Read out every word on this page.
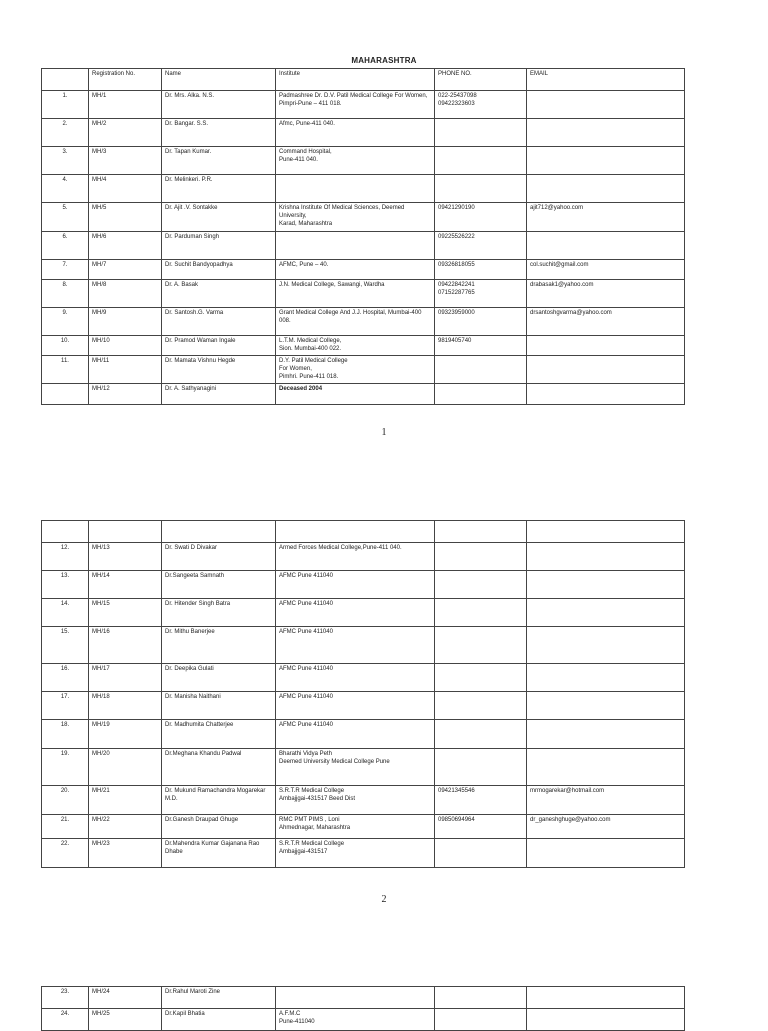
MAHARASHTRA
	Registration No.	Name	Institute	PHONE NO.	EMAIL
1.	MH/1	Dr. Mrs. Alka. N.S.	Padmashree Dr. D.V. Patil Medical College For Women, Pimpri-Pune – 411 018.	022-25437098
09422323603	
2.	MH/2	Dr. Bangar. S.S.	Afmc, Pune-411 040.		
3.	MH/3	Dr. Tapan Kumar.	Command Hospital,
Pune-411 040.		
4.	MH/4	Dr. Melinkeri. P.R.			
5.	MH/5	Dr. Ajit .V. Sontakke	Krishna Institute Of Medical Sciences, Deemed University,
Karad, Maharashtra	09421290190	ajit712@yahoo.com
6.	MH/6	Dr. Parduman Singh		09225526222	
7.	MH/7	Dr. Suchit Bandyopadhya	AFMC, Pune – 40.	09326818055	col.suchit@gmail.com
8.	MH/8	Dr. A. Basak	J.N. Medical College, Sawangi, Wardha	09422842241
07152287765	drabasak1@yahoo.com
9.	MH/9	Dr. Santosh.G. Varma	Grant Medical College And J.J. Hospital, Mumbai-400 008.	09323959000	drsantoshgvarma@yahoo.com
10.	MH/10	Dr. Pramod Waman Ingale	L.T.M. Medical College,
Sion. Mumbai-400 022.	9819405740	
11.	MH/11	Dr. Mamata Vishnu Hegde	D.Y. Patil Medical College
For Women,
Pimhri. Pune-411 018.		
	MH/12	Dr. A. Sathyanagini	Deceased 2004		
1

12.	MH/13	Dr. Swati D Divakar	Armed Forces Medical College,Pune-411 040.		
13.	MH/14	Dr.Sangeeta Samnath	AFMC Pune 411040		
14.	MH/15	Dr. Hitender Singh Batra	AFMC Pune 411040		
15.	MH/16	Dr. Mithu Banerjee	AFMC Pune 411040		
16.	MH/17	Dr. Deepika Gulati	AFMC Pune 411040		
17.	MH/18	Dr. Manisha Naithani	AFMC Pune 411040		
18.	MH/19	Dr. Madhumita Chatterjee	AFMC Pune 411040		
19.	MH/20	Dr.Meghana Khandu Padwal	Bharathi Vidya Peth
Deemed University Medical College Pune		
20.	MH/21	Dr. Mukund Ramachandra Mogarekar M.D.	S.R.T.R Medical College
Ambajjgai-431517 Beed Dist	09421345546	mrmogarekar@hotmail.com
21.	MH/22	Dr.Ganesh Draupad Ghuge	RMC PMT PIMS , Loni
Ahmednagar, Maharashtra	09850694964	dr_ganeshghuge@yahoo.com
22.	MH/23	Dr.Mahendra Kumar Gajanana Rao Dhabe	S.R.T.R Medical College
Ambajjgai-431517		
2
23.	MH/24	Dr.Rahul Maroti Zine			
24.	MH/25	Dr.Kapil Bhatia	A.F.M.C
Pune-411040		
